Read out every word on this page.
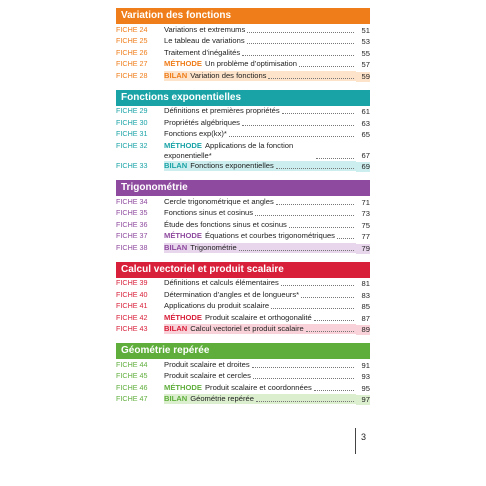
Variation des fonctions
FICHE 24	Variations et extremums	51
FICHE 25	Le tableau de variations	53
FICHE 26	Traitement d’inégalités	55
FICHE 27	MÉTHODE Un problème d’optimisation	57
FICHE 28	BILAN Variation des fonctions	59
Fonctions exponentielles
FICHE 29	Définitions et premières propriétés	61
FICHE 30	Propriétés algébriques	63
FICHE 31	Fonctions exp(kx)*	65
FICHE 32	MÉTHODE Applications de la fonction exponentielle*	67
FICHE 33	BILAN Fonctions exponentielles	69
Trigonométrie
FICHE 34	Cercle trigonométrique et angles	71
FICHE 35	Fonctions sinus et cosinus	73
FICHE 36	Étude des fonctions sinus et cosinus	75
FICHE 37	MÉTHODE Équations et courbes trigonométriques	77
FICHE 38	BILAN Trigonométrie	79
Calcul vectoriel et produit scalaire
FICHE 39	Définitions et calculs élémentaires	81
FICHE 40	Détermination d’angles et de longueurs*	83
FICHE 41	Applications du produit scalaire	85
FICHE 42	MÉTHODE Produit scalaire et orthogonalité	87
FICHE 43	BILAN Calcul vectoriel et produit scalaire	89
Géométrie repérée
FICHE 44	Produit scalaire et droites	91
FICHE 45	Produit scalaire et cercles	93
FICHE 46	MÉTHODE Produit scalaire et coordonnées	95
FICHE 47	BILAN Géométrie repérée	97
3
